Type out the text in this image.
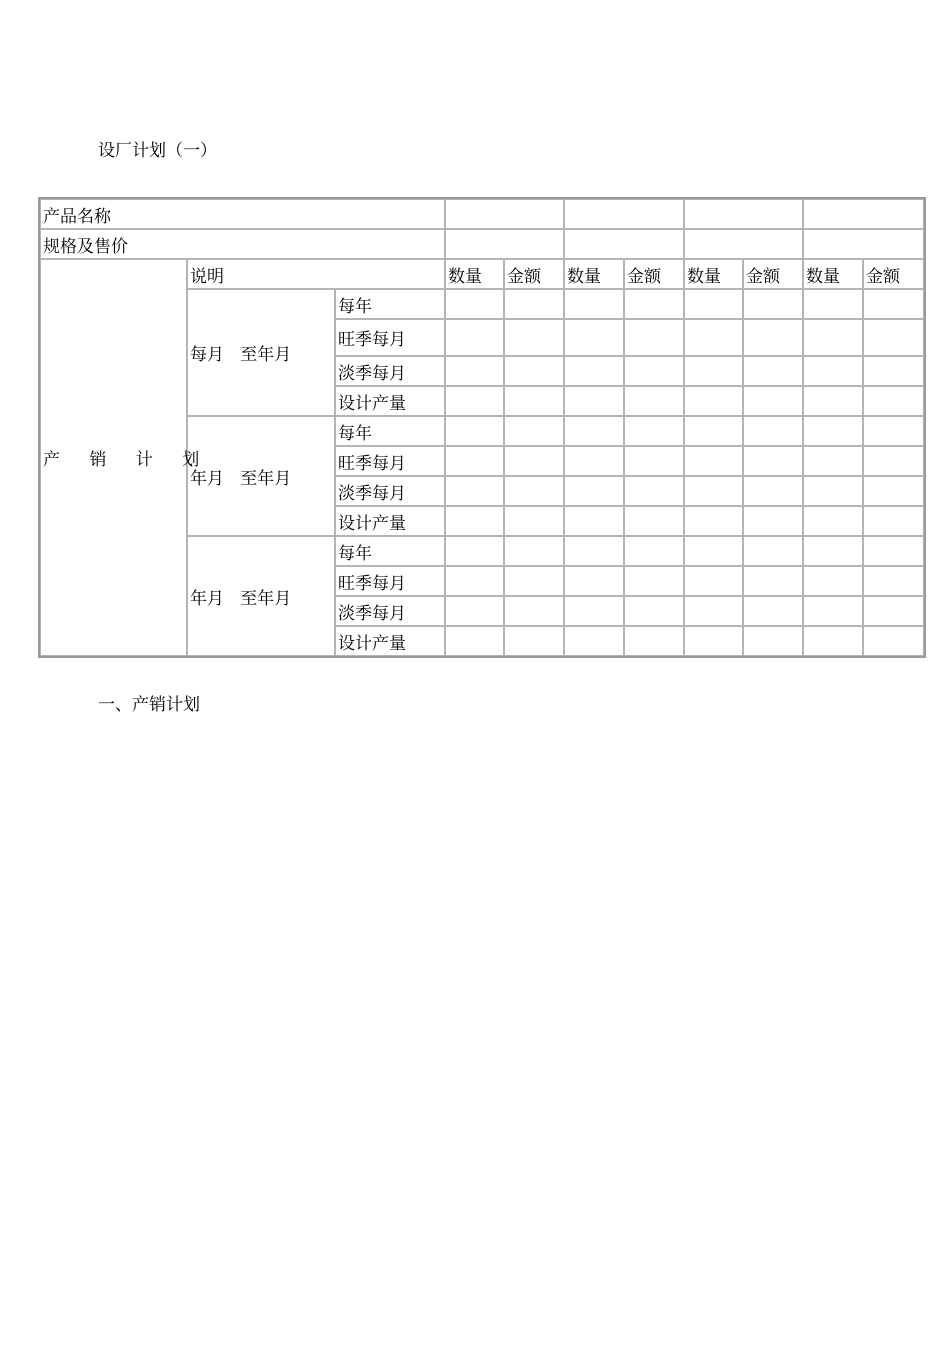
设厂计划（一）
产品名称										
规格及售价										
产 销 计 划	说明		数量	金额	数量	金额	数量	金额	数量	金额
	每月   至年月	每年								
		旺季每月								
		淡季每月								
		设计产量								
	年月   至年月	每年								
		旺季每月								
		淡季每月								
		设计产量								
	年月   至年月	每年								
		旺季每月								
		淡季每月								
		设计产量								
一、产销计划
